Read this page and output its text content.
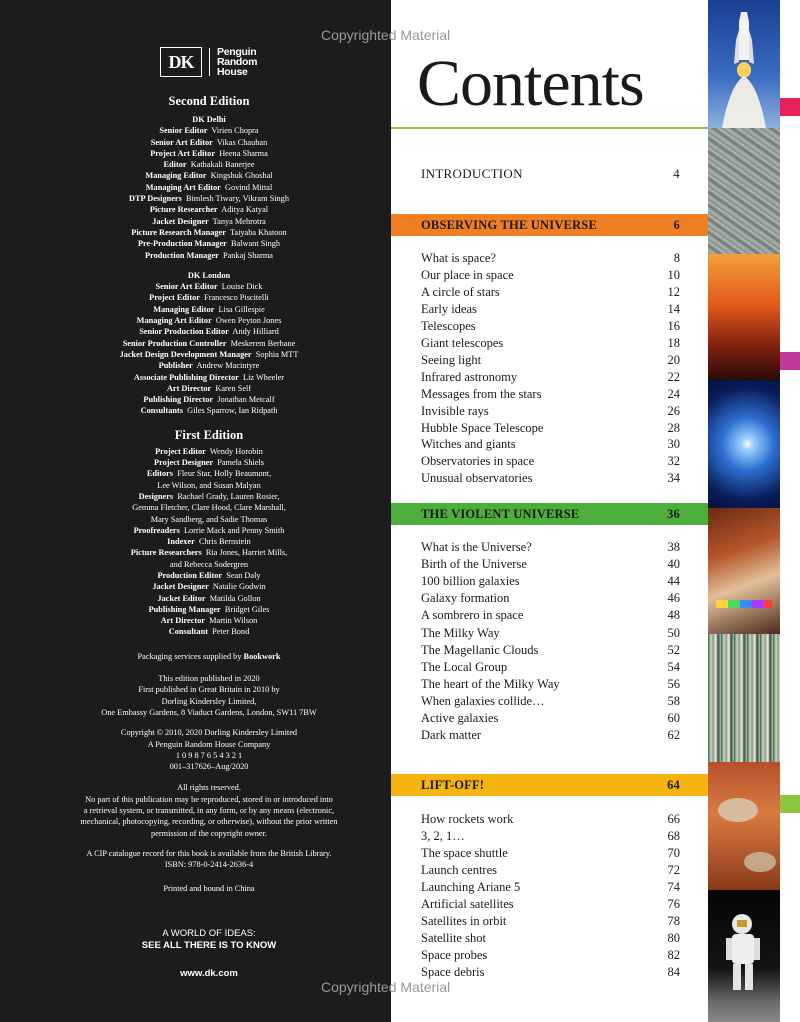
DK Penguin
Random
House
Second Edition
DK Delhi
Senior Editor Virien Chopra
Senior Art Editor Vikas Chauhan
Project Art Editor Heena Sharma
Editor Kathakali Banerjee
Managing Editor Kingshuk Ghoshal
Managing Art Editor Govind Mittal
DTP Designers Bimlesh Tiwary, Vikram Singh
Picture Researcher Aditya Katyal
Jacket Designer Tanya Mehrotra
Picture Research Manager Taiyaba Khatoon
Pre-Production Manager Balwant Singh
Production Manager Pankaj Sharma
DK London
Senior Art Editor Louise Dick
Project Editor Francesco Piscitelli
Managing Editor Lisa Gillespie
Managing Art Editor Owen Peyton Jones
Senior Production Editor Andy Hilliard
Senior Production Controller Meskerem Berhane
Jacket Design Development Manager Sophia MTT
Publisher Andrew Macintyre
Associate Publishing Director Liz Wheeler
Art Director Karen Self
Publishing Director Jonathan Metcalf
Consultants Giles Sparrow, Ian Ridpath
First Edition
Project Editor Wendy Horobin
Project Designer Pamela Shiels
Editors Fleur Star, Holly Beaumont,
Lee Wilson, and Susan Malyan
Designers Rachael Grady, Lauren Rosier,
Gemma Fletcher, Clare Hood, Clare Marshall,
Mary Sandberg, and Sadie Thomas
Proofreaders Lorrie Mack and Penny Smith
Indexer Chris Bernstein
Picture Researchers Ria Jones, Harriet Mills,
and Rebecca Sodergren
Production Editor Sean Daly
Jacket Designer Natalie Godwin
Jacket Editor Matilda Gollon
Publishing Manager Bridget Giles
Art Director Martin Wilson
Consultant Peter Bond
Packaging services supplied by Bookwork
This edition published in 2020
First published in Great Britain in 2010 by
Dorling Kindersley Limited,
One Embassy Gardens, 8 Viaduct Gardens, London, SW11 7BW
Copyright © 2010, 2020 Dorling Kindersley Limited
A Penguin Random House Company
1 0 9 8 7 6 5 4 3 2 1
001–317626–Aug/2020
All rights reserved.
No part of this publication may be reproduced, stored in or introduced into
a retrieval system, or transmitted, in any form, or by any means (electronic,
mechanical, photocopying, recording, or otherwise), without the prior written
permission of the copyright owner.
A CIP catalogue record for this book is available from the British Library.
ISBN: 978-0-2414-2636-4
Printed and bound in China
A WORLD OF IDEAS:
SEE ALL THERE IS TO KNOW
www.dk.com
Contents
INTRODUCTION	4
OBSERVING THE UNIVERSE	6
What is space?	8
Our place in space	10
A circle of stars	12
Early ideas	14
Telescopes	16
Giant telescopes	18
Seeing light	20
Infrared astronomy	22
Messages from the stars	24
Invisible rays	26
Hubble Space Telescope	28
Witches and giants	30
Observatories in space	32
Unusual observatories	34
THE VIOLENT UNIVERSE	36
What is the Universe?	38
Birth of the Universe	40
100 billion galaxies	44
Galaxy formation	46
A sombrero in space	48
The Milky Way	50
The Magellanic Clouds	52
The Local Group	54
The heart of the Milky Way	56
When galaxies collide…	58
Active galaxies	60
Dark matter	62
LIFT-OFF!	64
How rockets work	66
3, 2, 1…	68
The space shuttle	70
Launch centres	72
Launching Ariane 5	74
Artificial satellites	76
Satellites in orbit	78
Satellite shot	80
Space probes	82
Space debris	84
Copyrighted Material
Copyrighted Material
